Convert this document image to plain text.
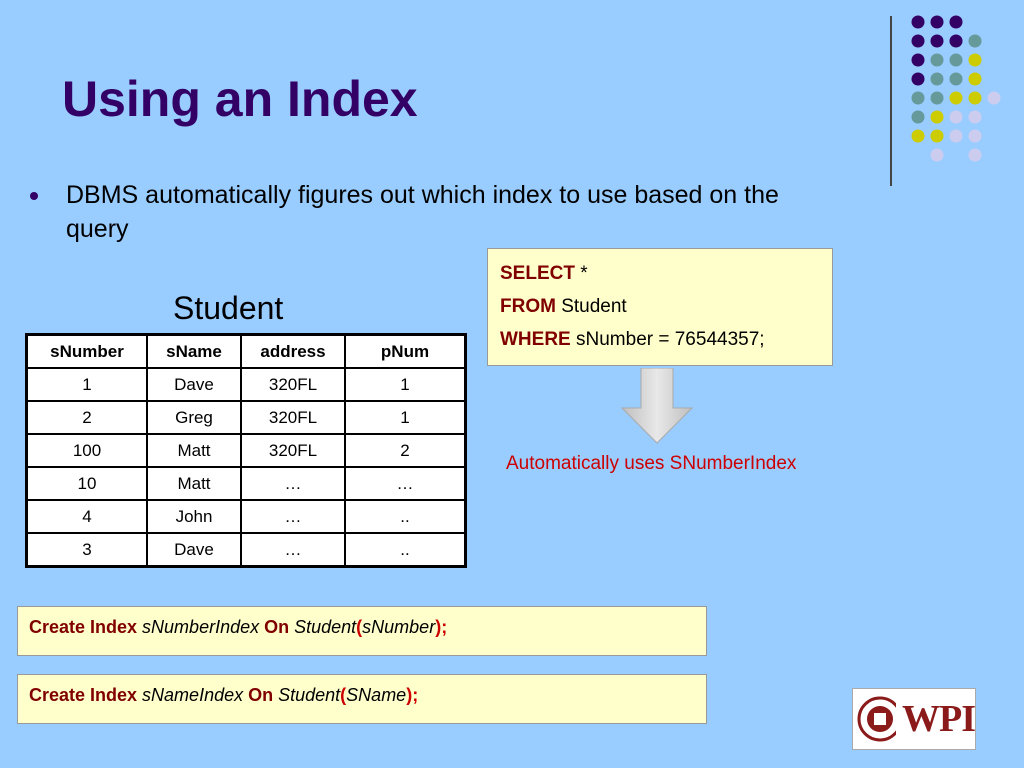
Using an Index
DBMS automatically figures out which index to use based on the query
Student
sNumber	sName	address	pNum
1	Dave	320FL	1
2	Greg	320FL	1
100	Matt	320FL	2
10	Matt	…	…
4	John	…	..
3	Dave	…	..
SELECT *
FROM Student
WHERE sNumber = 76544357;
Automatically uses SNumberIndex
Create Index sNumberIndex On Student(sNumber);
Create Index sNameIndex On Student(SName);
WPI
